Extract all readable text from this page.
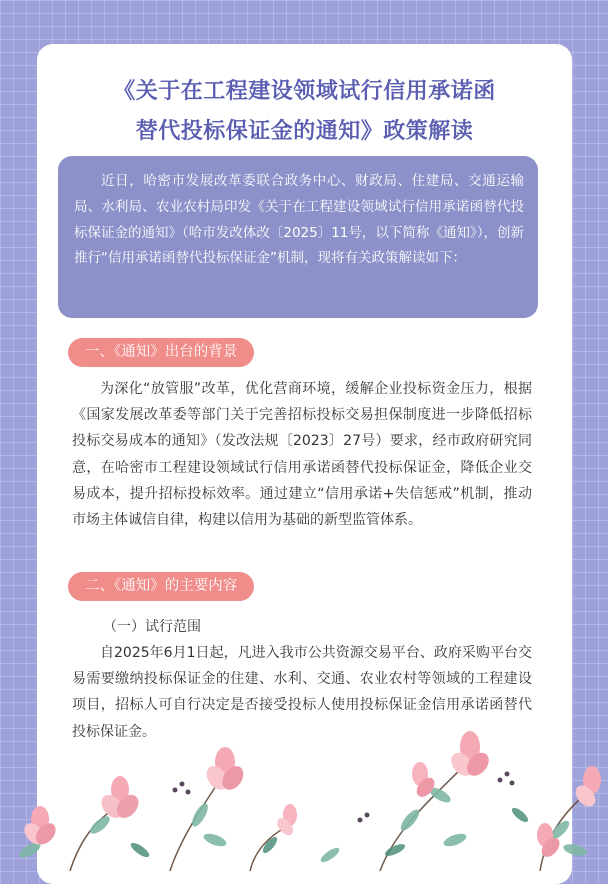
《关于在工程建设领域试行信用承诺函
替代投标保证金的通知》政策解读

近日，哈密市发展改革委联合政务中心、财政局、住建局、交通运输局、水利局、农业农村局印发《关于在工程建设领域试行信用承诺函替代投标保证金的通知》（哈市发改体改〔2025〕11号，以下简称《通知》），创新推行“信用承诺函替代投标保证金”机制，现将有关政策解读如下：

一、《通知》出台的背景

为深化“放管服”改革，优化营商环境，缓解企业投标资金压力，根据《国家发展改革委等部门关于完善招标投标交易担保制度进一步降低招标投标交易成本的通知》（发改法规〔2023〕27号）要求，经市政府研究同意，在哈密市工程建设领域试行信用承诺函替代投标保证金，降低企业交易成本，提升招标投标效率。通过建立“信用承诺+失信惩戒”机制，推动市场主体诚信自律，构建以信用为基础的新型监管体系。

二、《通知》的主要内容
（一）试行范围

自2025年6月1日起，凡进入我市公共资源交易平台、政府采购平台交易需要缴纳投标保证金的住建、水利、交通、农业农村等领域的工程建设项目，招标人可自行决定是否接受投标人使用投标保证金信用承诺函替代投标保证金。
